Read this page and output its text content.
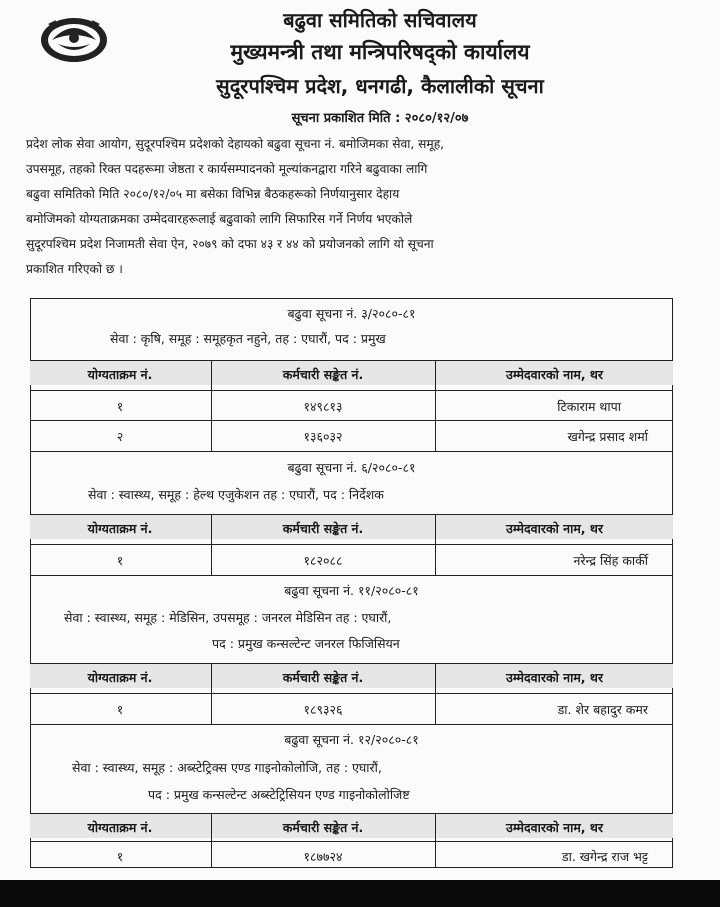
बढुवा समितिको सचिवालय
मुख्यमन्त्री तथा मन्त्रिपरिषद्को कार्यालय
सुदूरपश्चिम प्रदेश, धनगढी, कैलालीको सूचना
सूचना प्रकाशित मिति : २०८०/१२/०७
प्रदेश लोक सेवा आयोग, सुदूरपश्चिम प्रदेशको देहायको बढुवा सूचना नं. बमोजिमका सेवा, समूह,
उपसमूह, तहको रिक्त पदहरूमा जेष्ठता र कार्यसम्पादनको मूल्यांकनद्वारा गरिने बढुवाका लागि
बढुवा समितिको मिति २०८०/१२/०५ मा बसेका विभिन्न बैठकहरूको निर्णयानुसार देहाय
बमोजिमको योग्यताक्रमका उम्मेदवारहरूलाई बढुवाको लागि सिफारिस गर्ने निर्णय भएकोले
सुदूरपश्चिम प्रदेश निजामती सेवा ऐन, २०७९ को दफा ४३ र ४४ को प्रयोजनको लागि यो सूचना
प्रकाशित गरिएको छ ।
बढुवा सूचना नं. ३/२०८०-८१
सेवा : कृषि, समूह : समूहकृत नहुने, तह : एघारौं, पद : प्रमुख
योग्यताक्रम नं.	कर्मचारी सङ्केत नं.	उम्मेदवारको नाम, थर
१	१४९८१३	टिकाराम थापा
२	१३६०३२	खगेन्द्र प्रसाद शर्मा
बढुवा सूचना नं. ६/२०८०-८१
सेवा : स्वास्थ्य, समूह : हेल्थ एजुकेशन तह : एघारौं, पद : निर्देशक
योग्यताक्रम नं.	कर्मचारी सङ्केत नं.	उम्मेदवारको नाम, थर
१	१८२०८८	नरेन्द्र सिंह कार्की
बढुवा सूचना नं. ११/२०८०-८१
सेवा : स्वास्थ्य, समूह : मेडिसिन, उपसमूह : जनरल मेडिसिन तह : एघारौं,
पद : प्रमुख कन्सल्टेन्ट जनरल फिजिसियन
योग्यताक्रम नं.	कर्मचारी सङ्केत नं.	उम्मेदवारको नाम, थर
१	१८९३२६	डा. शेर बहादुर कमर
बढुवा सूचना नं. १२/२०८०-८१
सेवा : स्वास्थ्य, समूह : अब्स्टेट्रिक्स एण्ड गाइनोकोलोजि, तह : एघारौं,
पद : प्रमुख कन्सल्टेन्ट अब्स्टेट्रिसियन एण्ड गाइनोकोलोजिष्ट
योग्यताक्रम नं.	कर्मचारी सङ्केत नं.	उम्मेदवारको नाम, थर
१	१८७७२४	डा. खगेन्द्र राज भट्ट
